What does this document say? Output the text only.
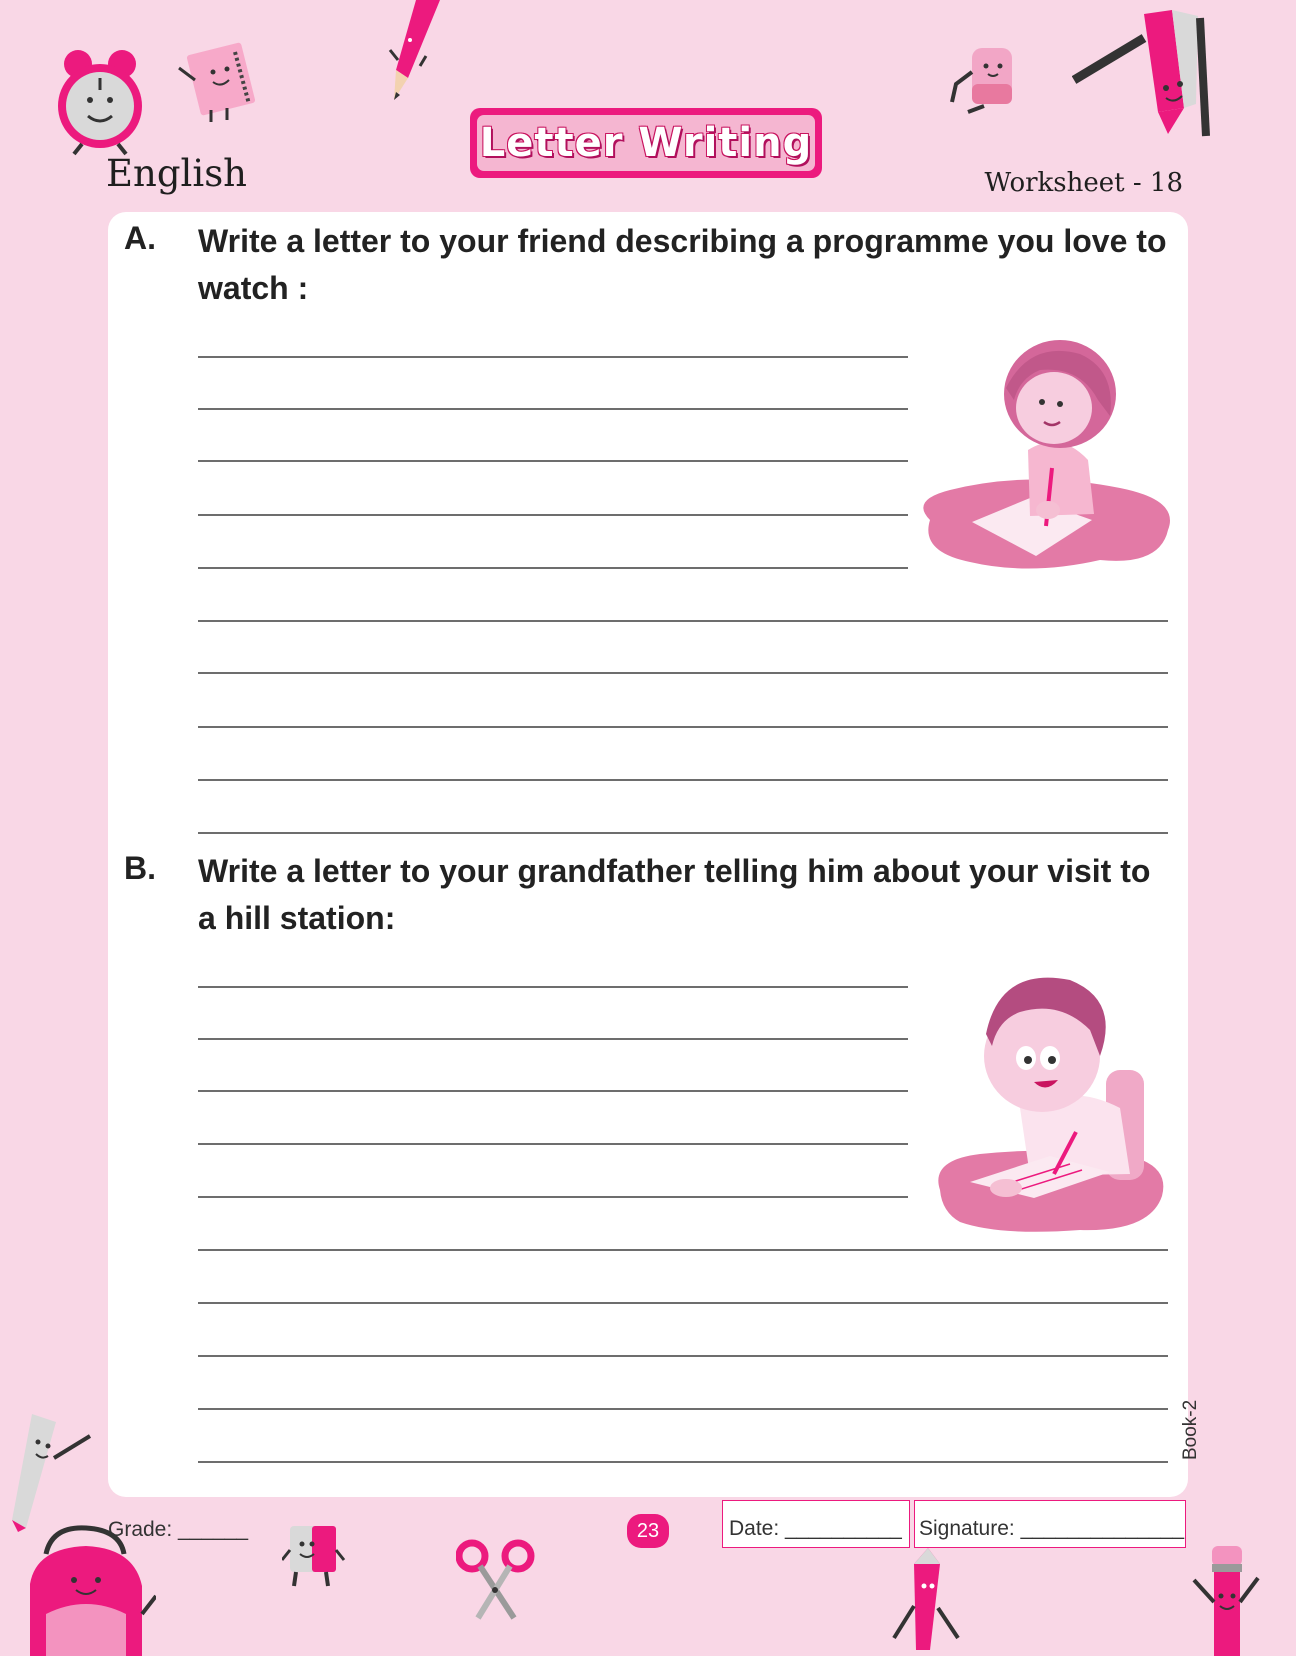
Letter Writing
English	Worksheet - 18
A. Write a letter to your friend describing a programme you love to watch :
B. Write a letter to your grandfather telling him about your visit to a hill station:
Book-2
Grade: ______	23	Date: __________ Signature: ______________
